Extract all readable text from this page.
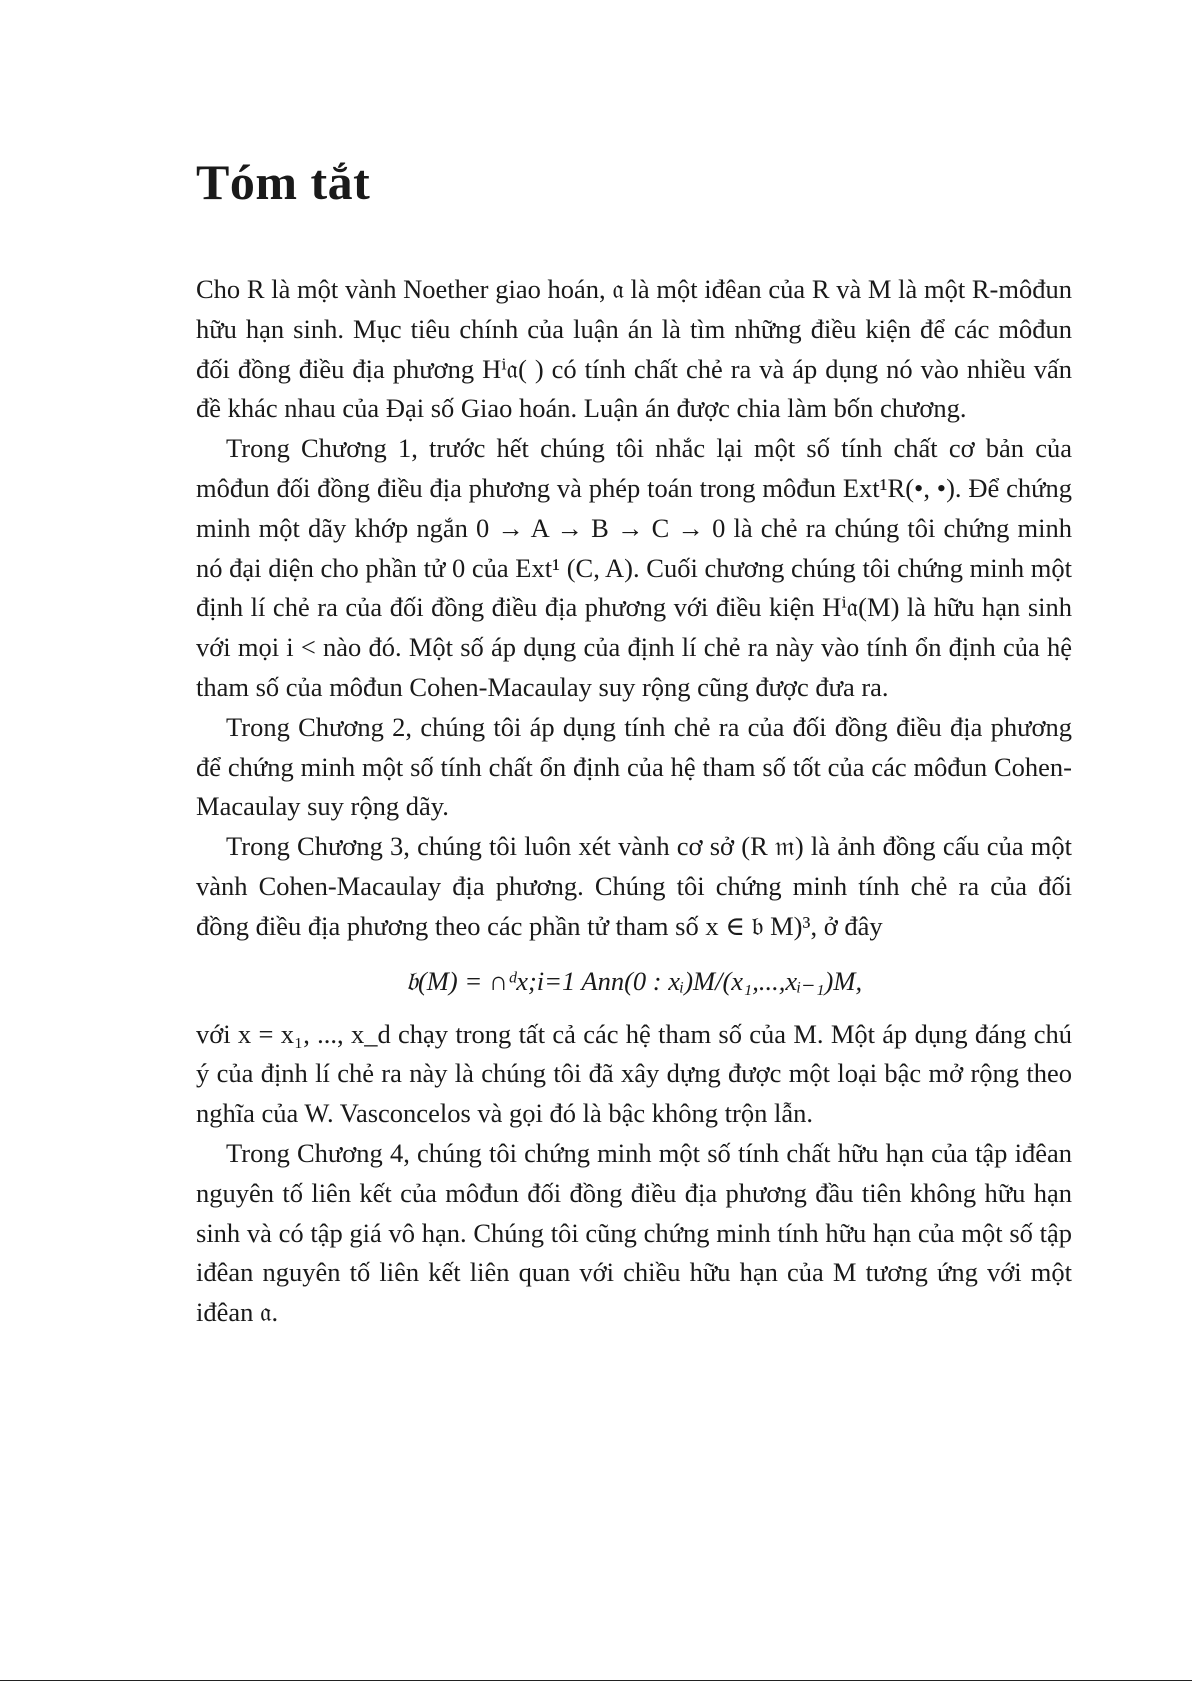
Tóm tắt

Cho R là một vành Noether giao hoán, 𝔞 là một iđêan của R và M là một R-môđun hữu hạn sinh. Mục tiêu chính của luận án là tìm những điều kiện để các môđun đối đồng điều địa phương Hⁱ𝔞( ) có tính chất chẻ ra và áp dụng nó vào nhiều vấn đề khác nhau của Đại số Giao hoán. Luận án được chia làm bốn chương.

Trong Chương 1, trước hết chúng tôi nhắc lại một số tính chất cơ bản của môđun đối đồng điều địa phương và phép toán trong môđun Ext¹R(•, •). Để chứng minh một dãy khớp ngắn 0 → A → B → C → 0 là chẻ ra chúng tôi chứng minh nó đại diện cho phần tử 0 của Ext¹ (C, A). Cuối chương chúng tôi chứng minh một định lí chẻ ra của đối đồng điều địa phương với điều kiện Hⁱ𝔞(M) là hữu hạn sinh với mọi i < nào đó. Một số áp dụng của định lí chẻ ra này vào tính ổn định của hệ tham số của môđun Cohen-Macaulay suy rộng cũng được đưa ra.

Trong Chương 2, chúng tôi áp dụng tính chẻ ra của đối đồng điều địa phương để chứng minh một số tính chất ổn định của hệ tham số tốt của các môđun Cohen-Macaulay suy rộng dãy.

Trong Chương 3, chúng tôi luôn xét vành cơ sở (R 𝔪) là ảnh đồng cấu của một vành Cohen-Macaulay địa phương. Chúng tôi chứng minh tính chẻ ra của đối đồng điều địa phương theo các phần tử tham số x ∈ 𝔟 M)³, ở đây

𝔟(M) = ∩ᵈx;i=1 Ann(0 : xᵢ)M/(x₁,...,xᵢ₋₁)M,

với x = x₁, ..., x_d chạy trong tất cả các hệ tham số của M. Một áp dụng đáng chú ý của định lí chẻ ra này là chúng tôi đã xây dựng được một loại bậc mở rộng theo nghĩa của W. Vasconcelos và gọi đó là bậc không trộn lẫn.

Trong Chương 4, chúng tôi chứng minh một số tính chất hữu hạn của tập iđêan nguyên tố liên kết của môđun đối đồng điều địa phương đầu tiên không hữu hạn sinh và có tập giá vô hạn. Chúng tôi cũng chứng minh tính hữu hạn của một số tập iđêan nguyên tố liên kết liên quan với chiều hữu hạn của M tương ứng với một iđêan 𝔞.
